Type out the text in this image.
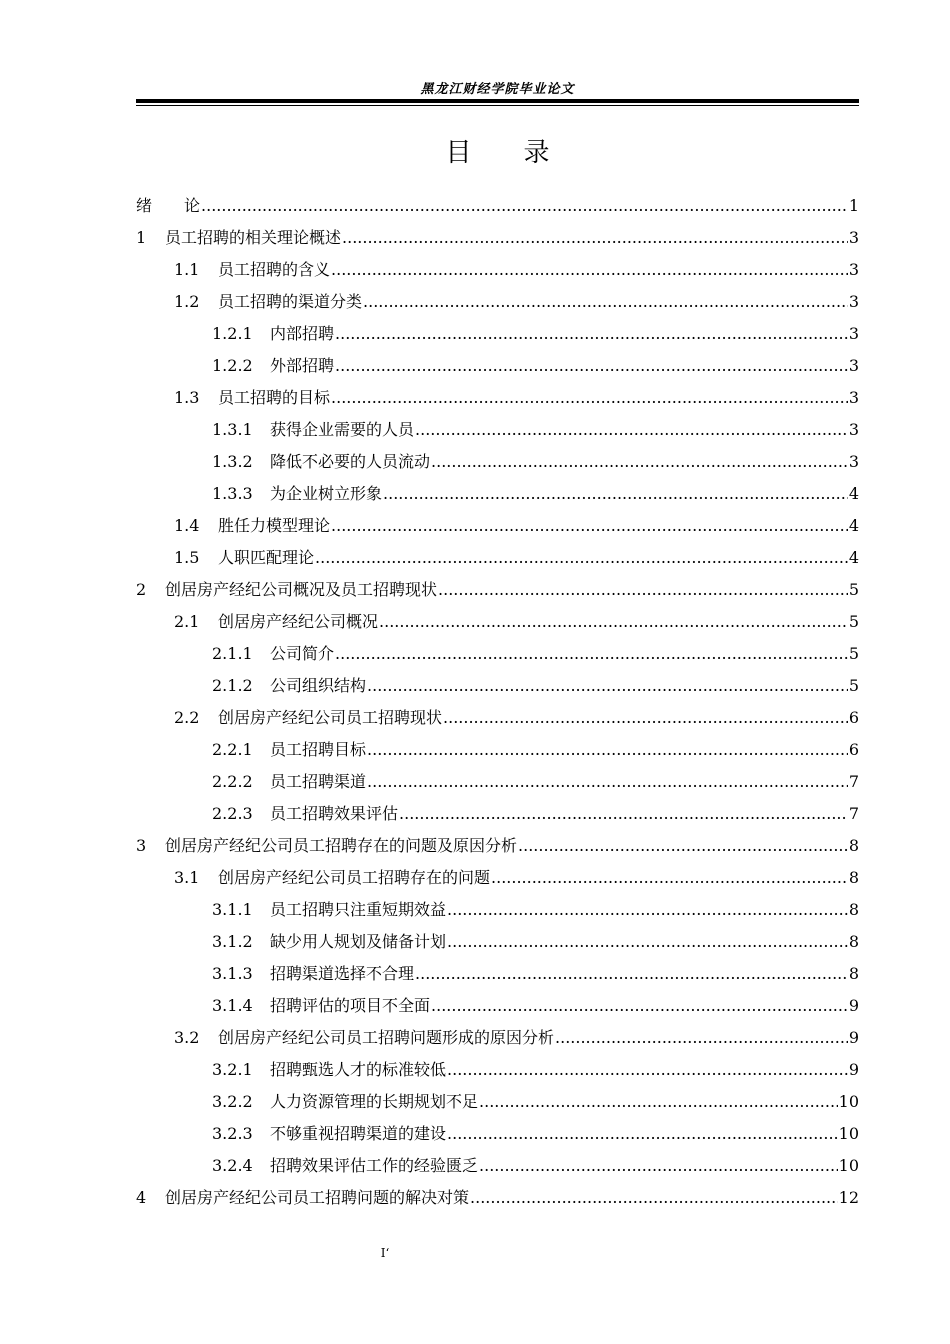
黑龙江财经学院毕业论文
目　　录
绪　　论 .....	1
1	员工招聘的相关理论概述 .....	3
1.1	员工招聘的含义 .....	3
1.2	员工招聘的渠道分类 .....	3
1.2.1	内部招聘 .....	3
1.2.2	外部招聘 .....	3
1.3	员工招聘的目标 .....	3
1.3.1	获得企业需要的人员 .....	3
1.3.2	降低不必要的人员流动 .....	3
1.3.3	为企业树立形象 .....	4
1.4	胜任力模型理论 .....	4
1.5	人职匹配理论 .....	4
2	创居房产经纪公司概况及员工招聘现状 .....	5
2.1	创居房产经纪公司概况 .....	5
2.1.1	公司简介 .....	5
2.1.2	公司组织结构 .....	5
2.2	创居房产经纪公司员工招聘现状 .....	6
2.2.1	员工招聘目标 .....	6
2.2.2	员工招聘渠道 .....	7
2.2.3	员工招聘效果评估 .....	7
3	创居房产经纪公司员工招聘存在的问题及原因分析 .....	8
3.1	创居房产经纪公司员工招聘存在的问题 .....	8
3.1.1	员工招聘只注重短期效益 .....	8
3.1.2	缺少用人规划及储备计划 .....	8
3.1.3	招聘渠道选择不合理 .....	8
3.1.4	招聘评估的项目不全面 .....	9
3.2	创居房产经纪公司员工招聘问题形成的原因分析 .....	9
3.2.1	招聘甄选人才的标准较低 .....	9
3.2.2	人力资源管理的长期规划不足 .....	10
3.2.3	不够重视招聘渠道的建设 .....	10
3.2.4	招聘效果评估工作的经验匮乏 .....	10
4	创居房产经纪公司员工招聘问题的解决对策 .....	12
I‘
